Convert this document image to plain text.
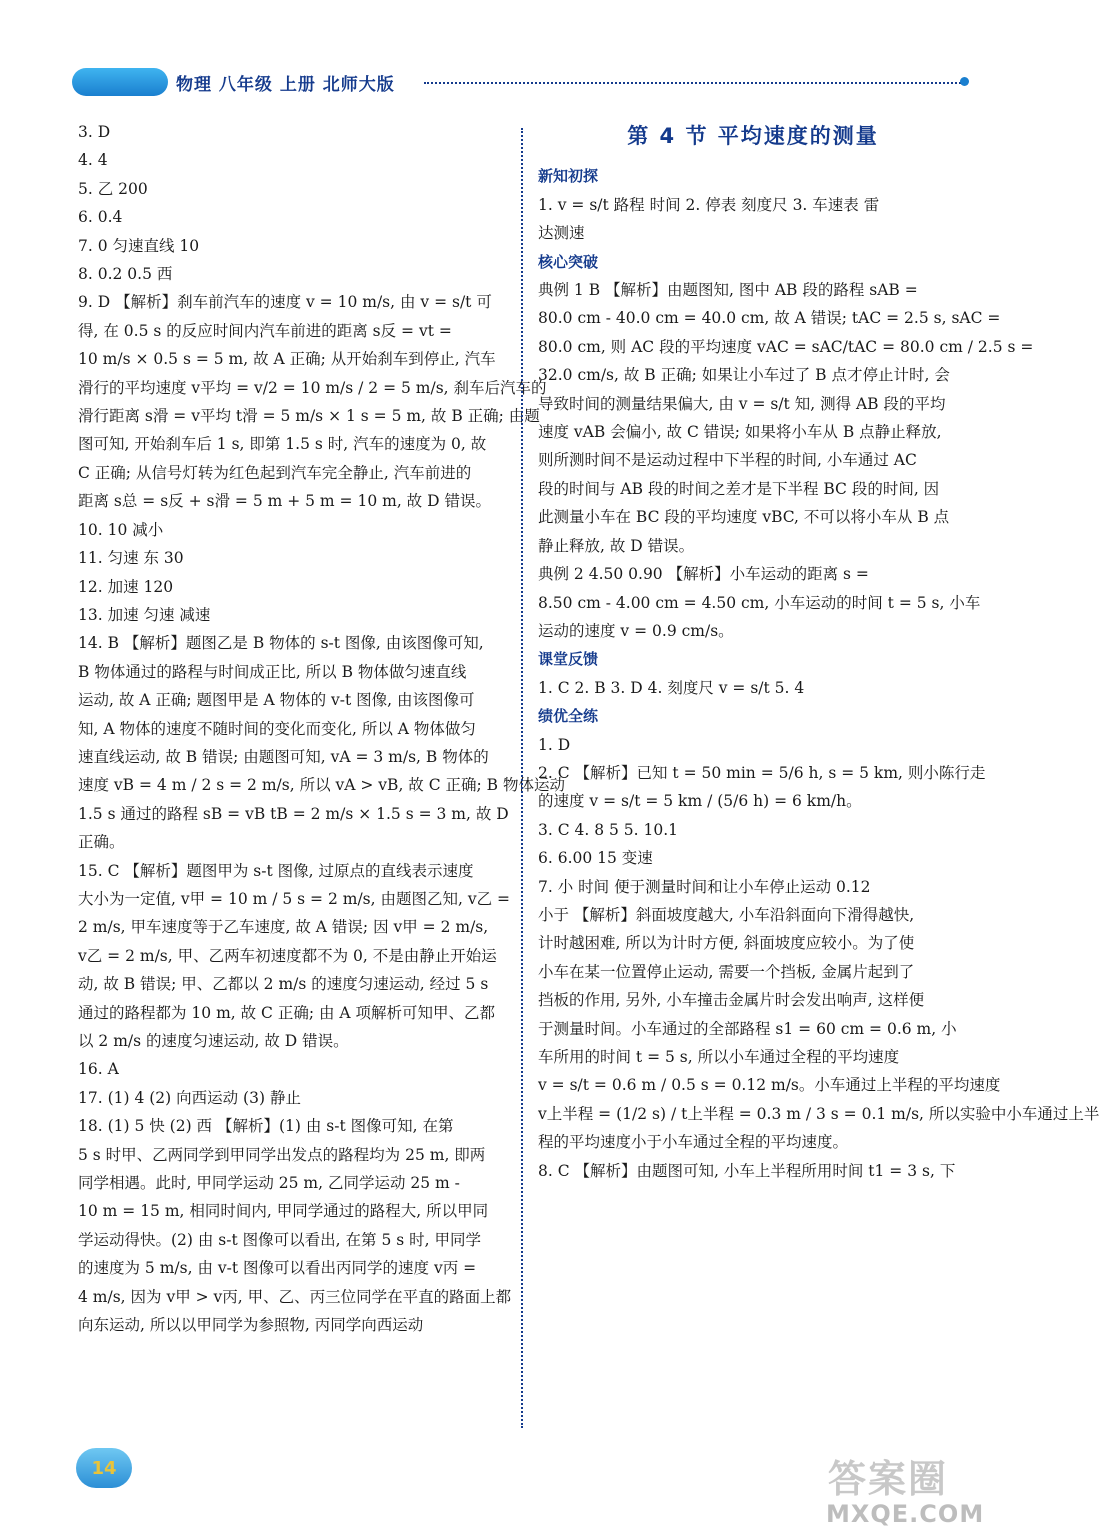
物理 八年级 上册 北师大版
3. D
4. 4
5. 乙 200
6. 0.4
7. 0 匀速直线 10
8. 0.2 0.5 西
9. D 【解析】刹车前汽车的速度 v = 10 m/s, 由 v = s/t 可
得, 在 0.5 s 的反应时间内汽车前进的距离 s反 = vt =
10 m/s × 0.5 s = 5 m, 故 A 正确; 从开始刹车到停止, 汽车
滑行的平均速度 v平均 = v/2 = 10 m/s / 2 = 5 m/s, 刹车后汽车的
滑行距离 s滑 = v平均 t滑 = 5 m/s × 1 s = 5 m, 故 B 正确; 由题
图可知, 开始刹车后 1 s, 即第 1.5 s 时, 汽车的速度为 0, 故
C 正确; 从信号灯转为红色起到汽车完全静止, 汽车前进的
距离 s总 = s反 + s滑 = 5 m + 5 m = 10 m, 故 D 错误。
10. 10 减小
11. 匀速 东 30
12. 加速 120
13. 加速 匀速 减速
14. B 【解析】题图乙是 B 物体的 s-t 图像, 由该图像可知,
B 物体通过的路程与时间成正比, 所以 B 物体做匀速直线
运动, 故 A 正确; 题图甲是 A 物体的 v-t 图像, 由该图像可
知, A 物体的速度不随时间的变化而变化, 所以 A 物体做匀
速直线运动, 故 B 错误; 由题图可知, vA = 3 m/s, B 物体的
速度 vB = 4 m / 2 s = 2 m/s, 所以 vA > vB, 故 C 正确; B 物体运动
1.5 s 通过的路程 sB = vB tB = 2 m/s × 1.5 s = 3 m, 故 D
正确。
15. C 【解析】题图甲为 s-t 图像, 过原点的直线表示速度
大小为一定值, v甲 = 10 m / 5 s = 2 m/s, 由题图乙知, v乙 =
2 m/s, 甲车速度等于乙车速度, 故 A 错误; 因 v甲 = 2 m/s,
v乙 = 2 m/s, 甲、乙两车初速度都不为 0, 不是由静止开始运
动, 故 B 错误; 甲、乙都以 2 m/s 的速度匀速运动, 经过 5 s
通过的路程都为 10 m, 故 C 正确; 由 A 项解析可知甲、乙都
以 2 m/s 的速度匀速运动, 故 D 错误。
16. A
17. (1) 4 (2) 向西运动 (3) 静止
18. (1) 5 快 (2) 西 【解析】(1) 由 s-t 图像可知, 在第
5 s 时甲、乙两同学到甲同学出发点的路程均为 25 m, 即两
同学相遇。此时, 甲同学运动 25 m, 乙同学运动 25 m -
10 m = 15 m, 相同时间内, 甲同学通过的路程大, 所以甲同
学运动得快。(2) 由 s-t 图像可以看出, 在第 5 s 时, 甲同学
的速度为 5 m/s, 由 v-t 图像可以看出丙同学的速度 v丙 =
4 m/s, 因为 v甲 > v丙, 甲、乙、丙三位同学在平直的路面上都
向东运动, 所以以甲同学为参照物, 丙同学向西运动
第 4 节 平均速度的测量
新知初探
1. v = s/t 路程 时间 2. 停表 刻度尺 3. 车速表 雷
达测速
核心突破
典例 1 B 【解析】由题图知, 图中 AB 段的路程 sAB =
80.0 cm - 40.0 cm = 40.0 cm, 故 A 错误; tAC = 2.5 s, sAC =
80.0 cm, 则 AC 段的平均速度 vAC = sAC/tAC = 80.0 cm / 2.5 s =
32.0 cm/s, 故 B 正确; 如果让小车过了 B 点才停止计时, 会
导致时间的测量结果偏大, 由 v = s/t 知, 测得 AB 段的平均
速度 vAB 会偏小, 故 C 错误; 如果将小车从 B 点静止释放,
则所测时间不是运动过程中下半程的时间, 小车通过 AC
段的时间与 AB 段的时间之差才是下半程 BC 段的时间, 因
此测量小车在 BC 段的平均速度 vBC, 不可以将小车从 B 点
静止释放, 故 D 错误。
典例 2 4.50 0.90 【解析】小车运动的距离 s =
8.50 cm - 4.00 cm = 4.50 cm, 小车运动的时间 t = 5 s, 小车
运动的速度 v = 0.9 cm/s。
课堂反馈
1. C 2. B 3. D 4. 刻度尺 v = s/t 5. 4
绩优全练
1. D
2. C 【解析】已知 t = 50 min = 5/6 h, s = 5 km, 则小陈行走
的速度 v = s/t = 5 km / (5/6 h) = 6 km/h。
3. C 4. 8 5 5. 10.1
6. 6.00 15 变速
7. 小 时间 便于测量时间和让小车停止运动 0.12
小于 【解析】斜面坡度越大, 小车沿斜面向下滑得越快,
计时越困难, 所以为计时方便, 斜面坡度应较小。为了使
小车在某一位置停止运动, 需要一个挡板, 金属片起到了
挡板的作用, 另外, 小车撞击金属片时会发出响声, 这样便
于测量时间。小车通过的全部路程 s1 = 60 cm = 0.6 m, 小
车所用的时间 t = 5 s, 所以小车通过全程的平均速度
v = s/t = 0.6 m / 0.5 s = 0.12 m/s。小车通过上半程的平均速度
v上半程 = (1/2 s) / t上半程 = 0.3 m / 3 s = 0.1 m/s, 所以实验中小车通过上半
程的平均速度小于小车通过全程的平均速度。
8. C 【解析】由题图可知, 小车上半程所用时间 t1 = 3 s, 下
14	答案圈
MXQE.COM
